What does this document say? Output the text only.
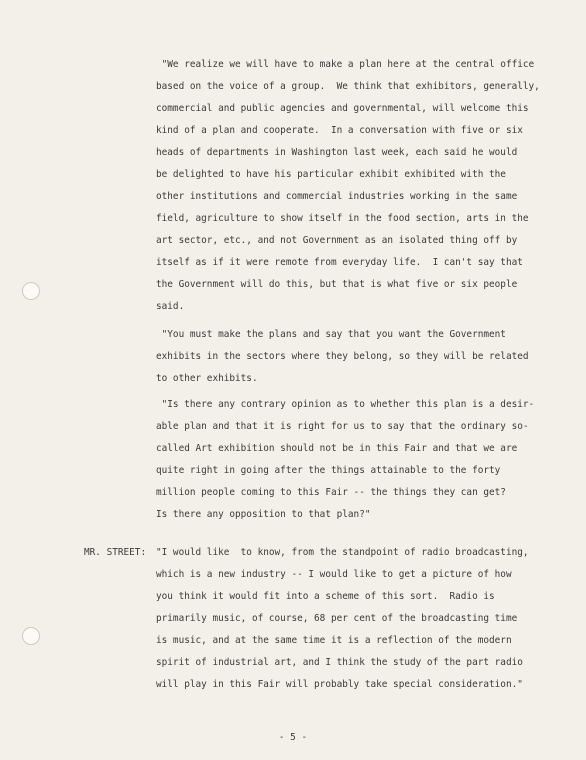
"We realize we will have to make a plan here at the central office
based on the voice of a group.  We think that exhibitors, generally,
commercial and public agencies and governmental, will welcome this
kind of a plan and cooperate.  In a conversation with five or six
heads of departments in Washington last week, each said he would
be delighted to have his particular exhibit exhibited with the
other institutions and commercial industries working in the same
field, agriculture to show itself in the food section, arts in the
art sector, etc., and not Government as an isolated thing off by
itself as if it were remote from everyday life.  I can't say that
the Government will do this, but that is what five or six people
said.
"You must make the plans and say that you want the Government
exhibits in the sectors where they belong, so they will be related
to other exhibits.
"Is there any contrary opinion as to whether this plan is a desir-
able plan and that it is right for us to say that the ordinary so-
called Art exhibition should not be in this Fair and that we are
quite right in going after the things attainable to the forty
million people coming to this Fair -- the things they can get?
Is there any opposition to that plan?"
MR. STREET: "I would like  to know, from the standpoint of radio broadcasting,
which is a new industry -- I would like to get a picture of how
you think it would fit into a scheme of this sort.  Radio is
primarily music, of course, 68 per cent of the broadcasting time
is music, and at the same time it is a reflection of the modern
spirit of industrial art, and I think the study of the part radio
will play in this Fair will probably take special consideration."
- 5 -
